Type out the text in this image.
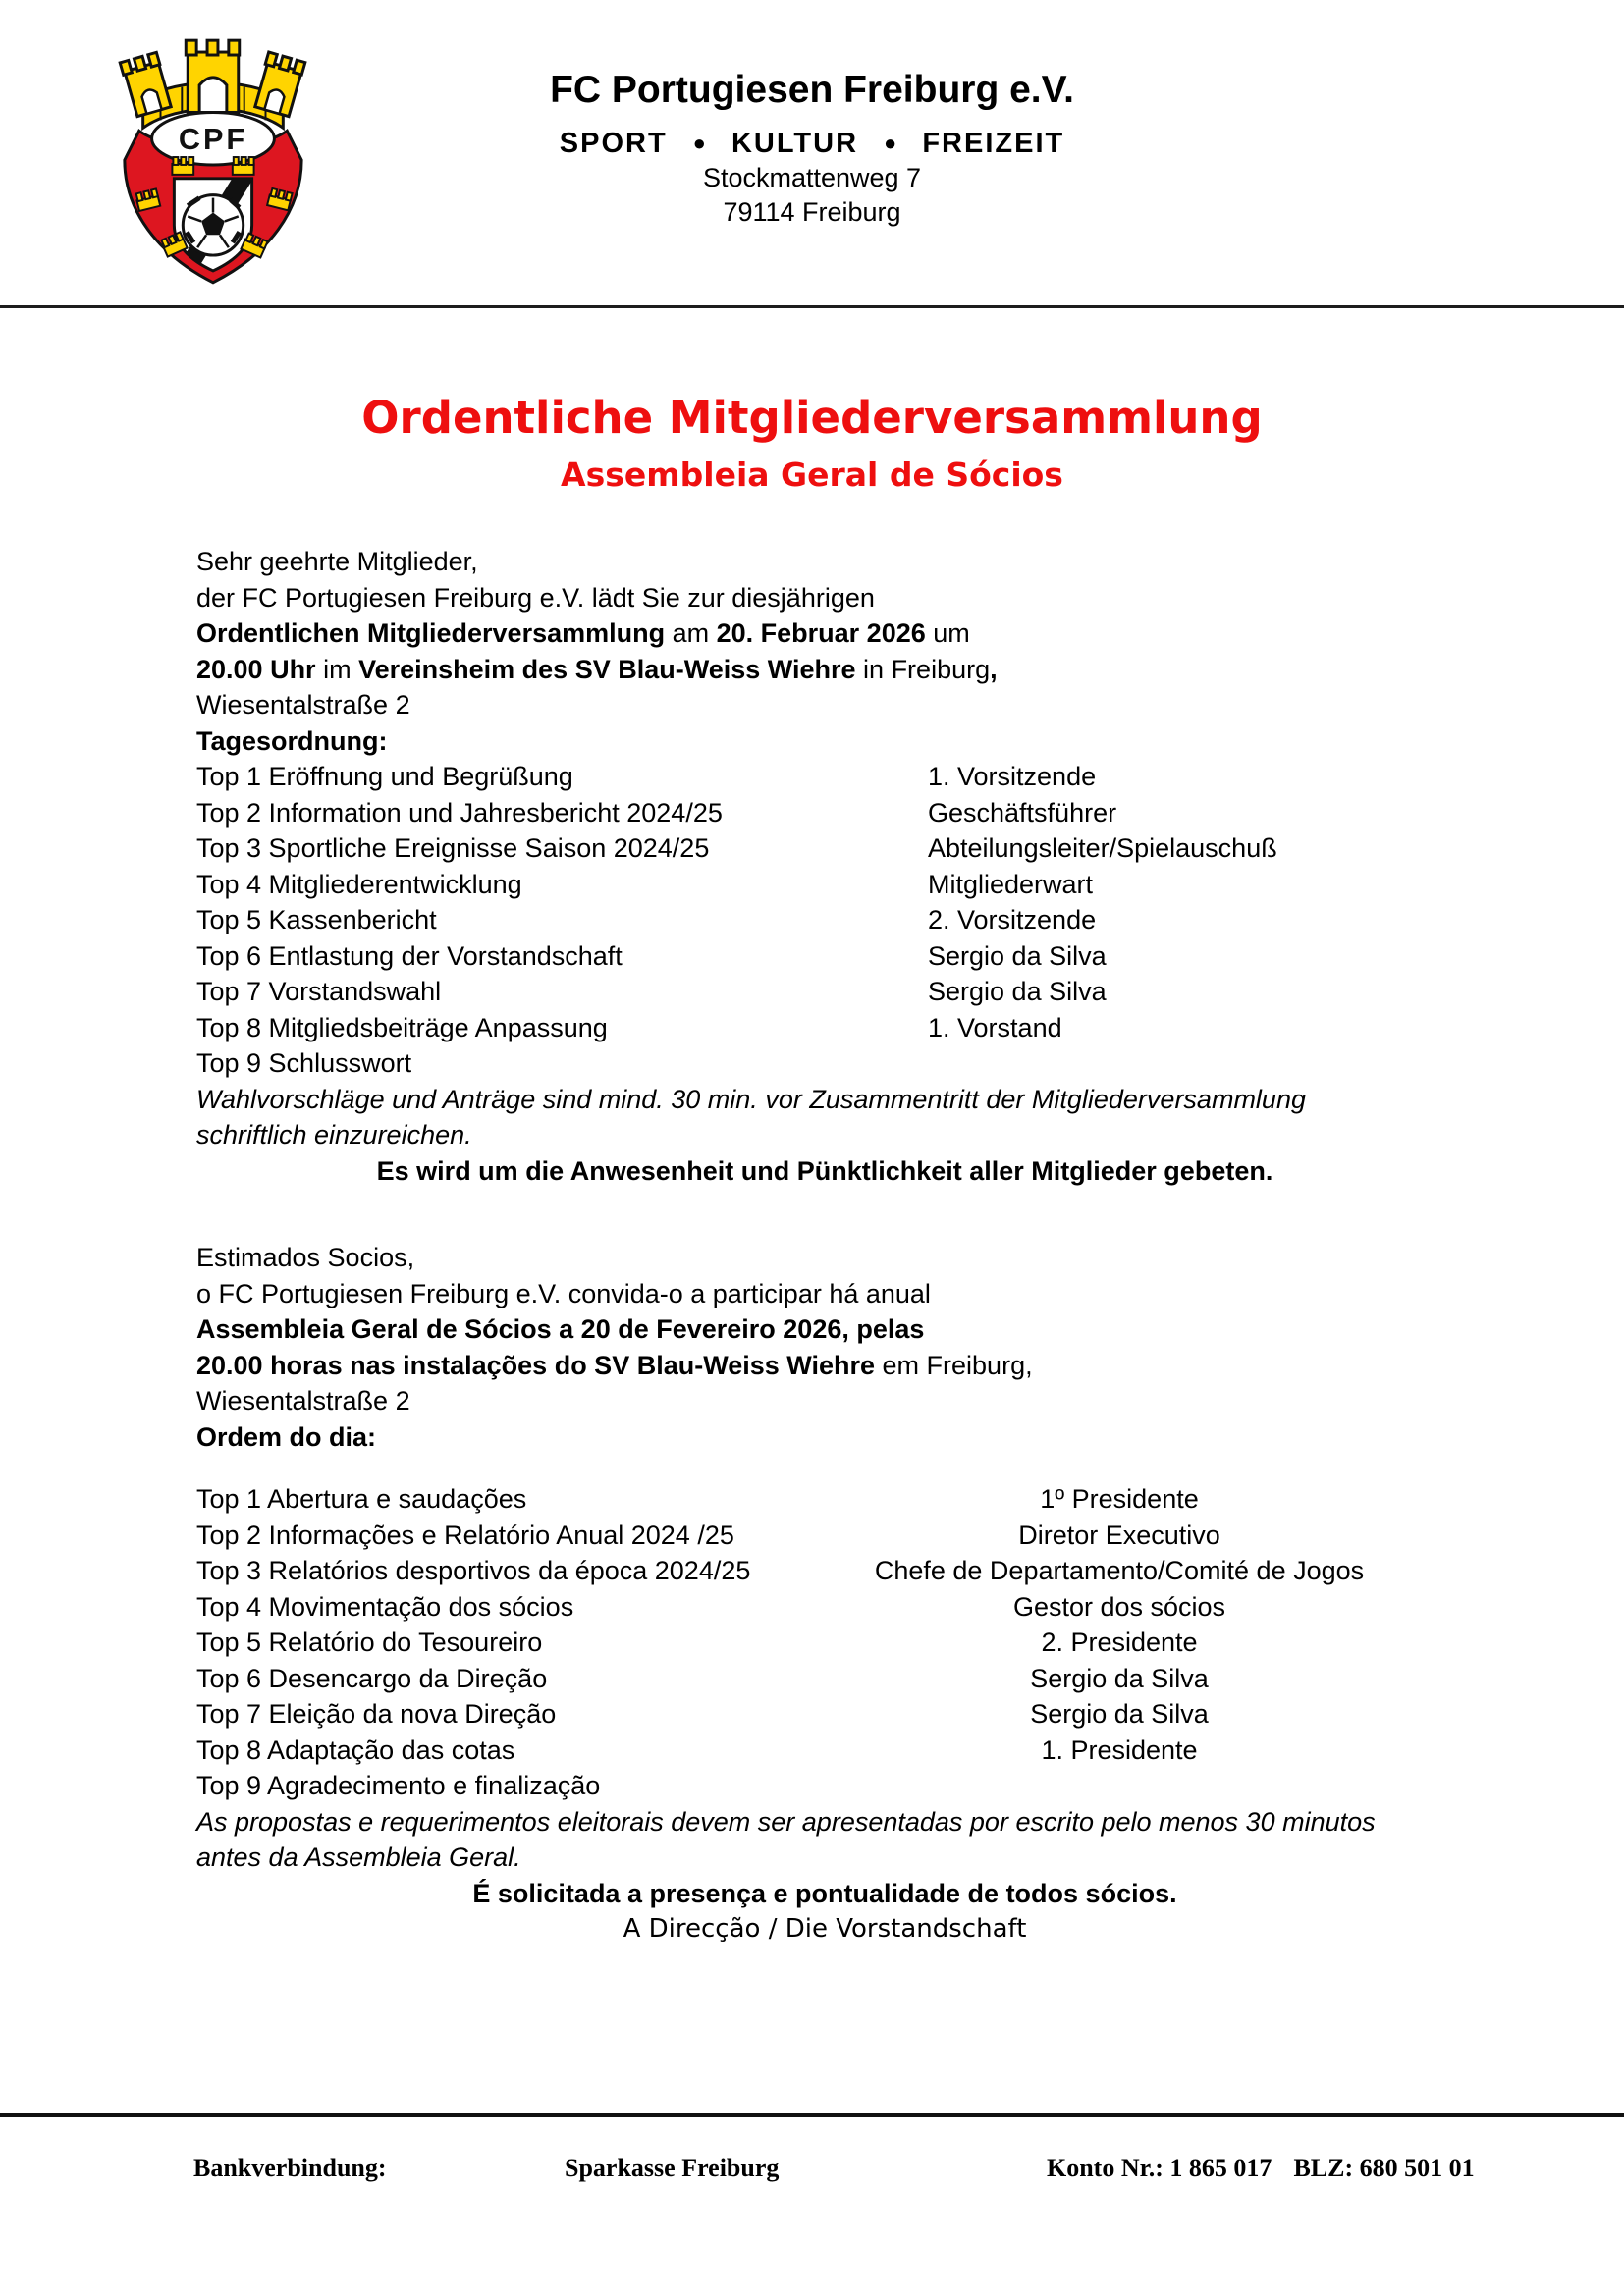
CPF
FC Portugiesen Freiburg e.V.
SPORT ● KULTUR ● FREIZEIT
Stockmattenweg 7
79114 Freiburg
Ordentliche Mitgliederversammlung
Assembleia Geral de Sócios

Sehr geehrte Mitglieder,

der FC Portugiesen Freiburg e.V. lädt Sie zur diesjährigen

Ordentlichen Mitgliederversammlung am 20. Februar 2026 um

20.00 Uhr im Vereinsheim des SV Blau-Weiss Wiehre in Freiburg,

Wiesentalstraße 2

Tagesordnung:

Top 1 Eröffnung und Begrüßung	1. Vorsitzende
Top 2 Information und Jahresbericht 2024/25	Geschäftsführer
Top 3 Sportliche Ereignisse Saison 2024/25	Abteilungsleiter/Spielauschuß
Top 4 Mitgliederentwicklung	Mitgliederwart
Top 5 Kassenbericht	2. Vorsitzende
Top 6 Entlastung der Vorstandschaft	Sergio da Silva
Top 7 Vorstandswahl	Sergio da Silva
Top 8 Mitgliedsbeiträge Anpassung	1. Vorstand
Top 9 Schlusswort

Wahlvorschläge und Anträge sind mind. 30 min. vor Zusammentritt der Mitgliederversammlung
schriftlich einzureichen.

Es wird um die Anwesenheit und Pünktlichkeit aller Mitglieder gebeten.

Estimados Socios,

o FC Portugiesen Freiburg e.V. convida-o a participar há anual

Assembleia Geral de Sócios a 20 de Fevereiro 2026, pelas

20.00 horas nas instalações do SV Blau-Weiss Wiehre em Freiburg,

Wiesentalstraße 2

Ordem do dia:

Top 1 Abertura e saudações	1º Presidente
Top 2 Informações e Relatório Anual 2024 /25	Diretor Executivo
Top 3 Relatórios desportivos da época 2024/25	Chefe de Departamento/Comité de Jogos
Top 4 Movimentação dos sócios	Gestor dos sócios
Top 5 Relatório do Tesoureiro	2. Presidente
Top 6 Desencargo da Direção	Sergio da Silva
Top 7 Eleição da nova Direção	Sergio da Silva
Top 8 Adaptação das cotas	1. Presidente
Top 9 Agradecimento e finalização

As propostas e requerimentos eleitorais devem ser apresentadas por escrito pelo menos 30 minutos
antes da Assembleia Geral.

É solicitada a presença e pontualidade de todos sócios.

A Direcção / Die Vorstandschaft

Bankverbindung:	Sparkasse Freiburg	Konto Nr.: 1 865 017 BLZ: 680 501 01
